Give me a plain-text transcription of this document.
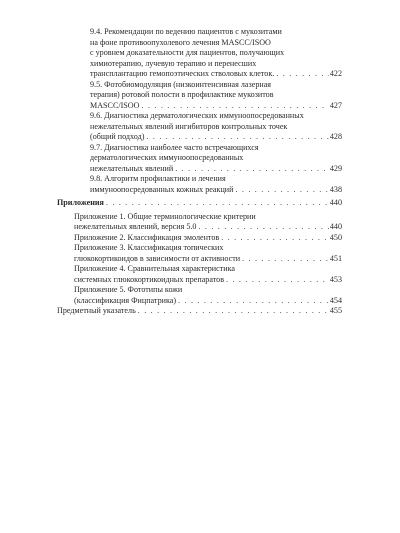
9.4. Рекомендации по ведению пациентов с мукозитами
на фоне противоопухолевого лечения MASCC/ISOO
с уровнем доказательности для пациентов, получающих
химиотерапию, лучевую терапию и перенесших
трансплантацию гемопоэтических стволовых клеток. . . .	422
9.5. Фотобиомодуляция (низкоинтенсивная лазерная
терапия) ротовой полости в профилактике мукозитов
MASCC/ISOO . . .	427
9.6. Диагностика дерматологических иммуноопосредованных
нежелательных явлений ингибиторов контрольных точек
(общий подход) . . .	428
9.7. Диагностика наиболее часто встречающихся
дерматологических иммуноопосредованных
нежелательных явлений . . .	429
9.8. Алгоритм профилактики и лечения
иммуноопосредованных кожных реакций . . .	438
Приложения . . .	440
Приложение 1. Общие терминологические критерии
нежелательных явлений, версия 5.0 . . .	440
Приложение 2. Классификация эмолентов . . .	450
Приложение 3. Классификация топических
глюкокортикоидов в зависимости от активности . . .	451
Приложение 4. Сравнительная характеристика
системных глюкокортикоидных препаратов . . .	453
Приложение 5. Фототипы кожи
(классификация Фицпатрика) . . .	454
Предметный указатель . . .	455
